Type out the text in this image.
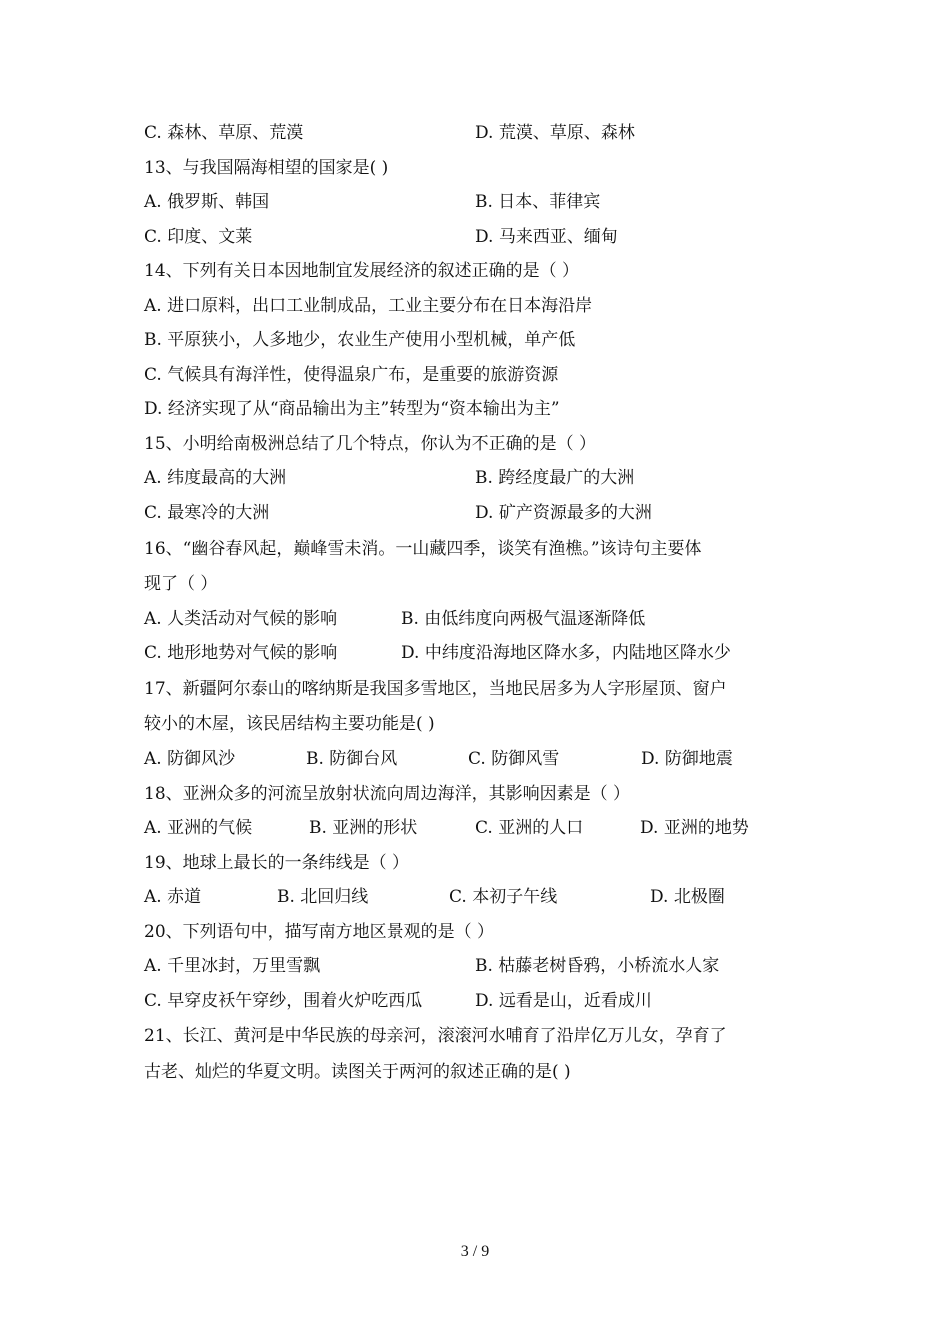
C. 森林、草原、荒漠	D. 荒漠、草原、森林
13、与我国隔海相望的国家是( )
A. 俄罗斯、韩国	B. 日本、菲律宾
C. 印度、文莱	D. 马来西亚、缅甸
14、下列有关日本因地制宜发展经济的叙述正确的是（ ）
A. 进口原料，出口工业制成品，工业主要分布在日本海沿岸
B. 平原狭小，人多地少，农业生产使用小型机械，单产低
C. 气候具有海洋性，使得温泉广布，是重要的旅游资源
D. 经济实现了从“商品输出为主”转型为“资本输出为主”
15、小明给南极洲总结了几个特点，你认为不正确的是（ ）
A. 纬度最高的大洲	B. 跨经度最广的大洲
C. 最寒冷的大洲	D. 矿产资源最多的大洲
16、“幽谷春风起，巅峰雪未消。一山藏四季，谈笑有渔樵。”该诗句主要体
现了（ ）
A. 人类活动对气候的影响	B. 由低纬度向两极气温逐渐降低
C. 地形地势对气候的影响	D. 中纬度沿海地区降水多，内陆地区降水少
17、新疆阿尔泰山的喀纳斯是我国多雪地区，当地民居多为人字形屋顶、窗户
较小的木屋，该民居结构主要功能是( )
A. 防御风沙	B. 防御台风	C. 防御风雪	D. 防御地震
18、亚洲众多的河流呈放射状流向周边海洋，其影响因素是（ ）
A. 亚洲的气候	B. 亚洲的形状	C. 亚洲的人口	D. 亚洲的地势
19、地球上最长的一条纬线是（ ）
A. 赤道	B. 北回归线	C. 本初子午线	D. 北极圈
20、下列语句中，描写南方地区景观的是（ ）
A. 千里冰封，万里雪飘	B. 枯藤老树昏鸦，小桥流水人家
C. 早穿皮袄午穿纱，围着火炉吃西瓜	D. 远看是山，近看成川
21、长江、黄河是中华民族的母亲河，滚滚河水哺育了沿岸亿万儿女，孕育了
古老、灿烂的华夏文明。读图关于两河的叙述正确的是( )
3 / 9
